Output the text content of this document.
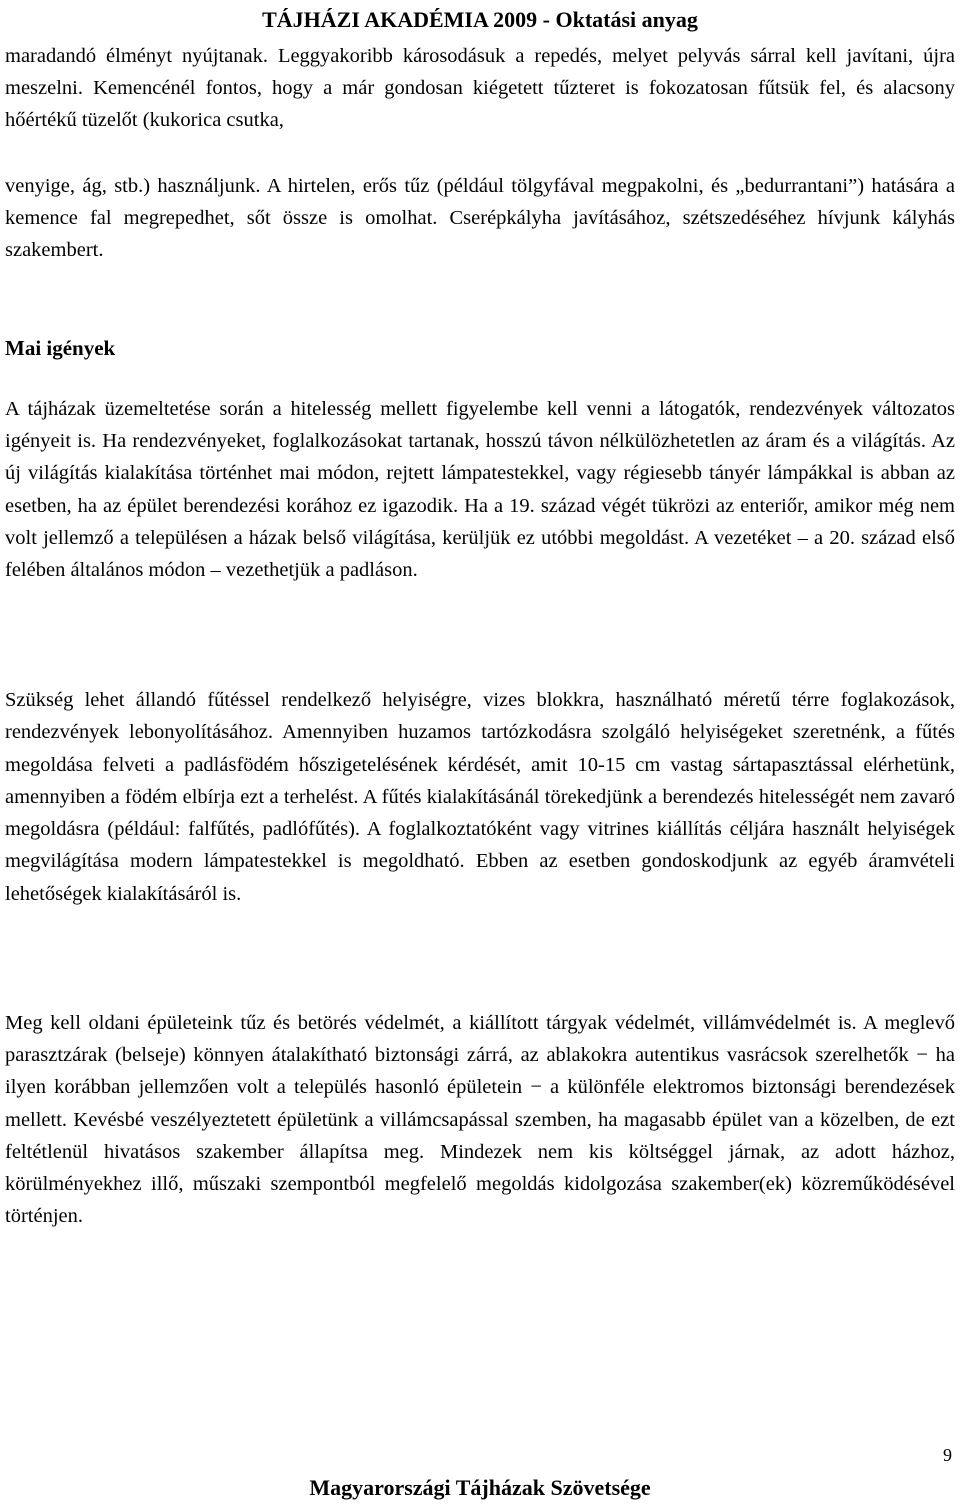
TÁJHÁZI AKADÉMIA 2009 - Oktatási anyag
maradandó élményt nyújtanak. Leggyakoribb károsodásuk a repedés, melyet pelyvás sárral kell javítani, újra meszelni. Kemencénél fontos, hogy a már gondosan kiégetett tűzteret is fokozatosan fűtsük fel, és alacsony hőértékű tüzelőt (kukorica csutka,
venyige, ág, stb.) használjunk. A hirtelen, erős tűz (például tölgyfával megpakolni, és „bedurrantani”) hatására a kemence fal megrepedhet, sőt össze is omolhat. Cserépkályha javításához, szétszedéséhez hívjunk kályhás szakembert.
Mai igények
A tájházak üzemeltetése során a hitelesség mellett figyelembe kell venni a látogatók, rendezvények változatos igényeit is. Ha rendezvényeket, foglalkozásokat tartanak, hosszú távon nélkülözhetetlen az áram és a világítás. Az új világítás kialakítása történhet mai módon, rejtett lámpatestekkel, vagy régiesebb tányér lámpákkal is abban az esetben, ha az épület berendezési korához ez igazodik. Ha a 19. század végét tükrözi az enteriőr, amikor még nem volt jellemző a településen a házak belső világítása, kerüljük ez utóbbi megoldást. A vezetéket – a 20. század első felében általános módon – vezethetjük a padláson.
Szükség lehet állandó fűtéssel rendelkező helyiségre, vizes blokkra, használható méretű térre foglakozások, rendezvények lebonyolításához. Amennyiben huzamos tartózkodásra szolgáló helyiségeket szeretnénk, a fűtés megoldása felveti a padlásfödém hőszigetelésének kérdését, amit 10-15 cm vastag sártapasztással elérhetünk, amennyiben a födém elbírja ezt a terhelést. A fűtés kialakításánál törekedjünk a berendezés hitelességét nem zavaró megoldásra (például: falfűtés, padlófűtés). A foglalkoztatóként vagy vitrines kiállítás céljára használt helyiségek megvilágítása modern lámpatestekkel is megoldható. Ebben az esetben gondoskodjunk az egyéb áramvételi lehetőségek kialakításáról is.
Meg kell oldani épületeink tűz és betörés védelmét, a kiállított tárgyak védelmét, villámvédelmét is. A meglevő parasztzárak (belseje) könnyen átalakítható biztonsági zárrá, az ablakokra autentikus vasrácsok szerelhetők − ha ilyen korábban jellemzően volt a település hasonló épületein − a különféle elektromos biztonsági berendezések mellett. Kevésbé veszélyeztetett épületünk a villámcsapással szemben, ha magasabb épület van a közelben, de ezt feltétlenül hivatásos szakember állapítsa meg. Mindezek nem kis költséggel járnak, az adott házhoz, körülményekhez illő, műszaki szempontból megfelelő megoldás kidolgozása szakember(ek) közreműködésével történjen.
9
Magyarországi Tájházak Szövetsége
